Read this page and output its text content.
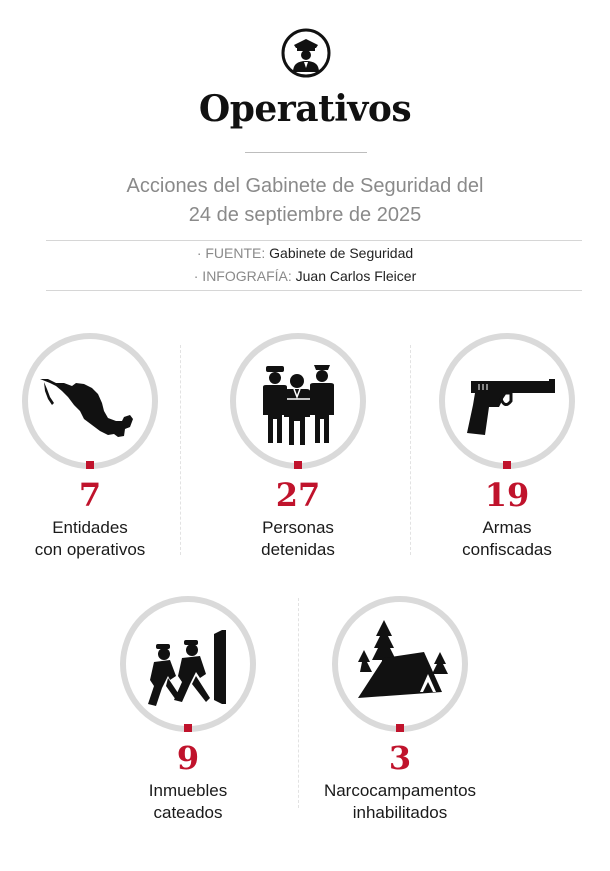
Operativos
Acciones del Gabinete de Seguridad del
24 de septiembre de 2025
· FUENTE: Gabinete de Seguridad
· INFOGRAFÍA: Juan Carlos Fleicer
7
Entidades
con operativos
27
Personas
detenidas
19
Armas
confiscadas
9
Inmuebles
cateados
3
Narcocampamentos
inhabilitados
